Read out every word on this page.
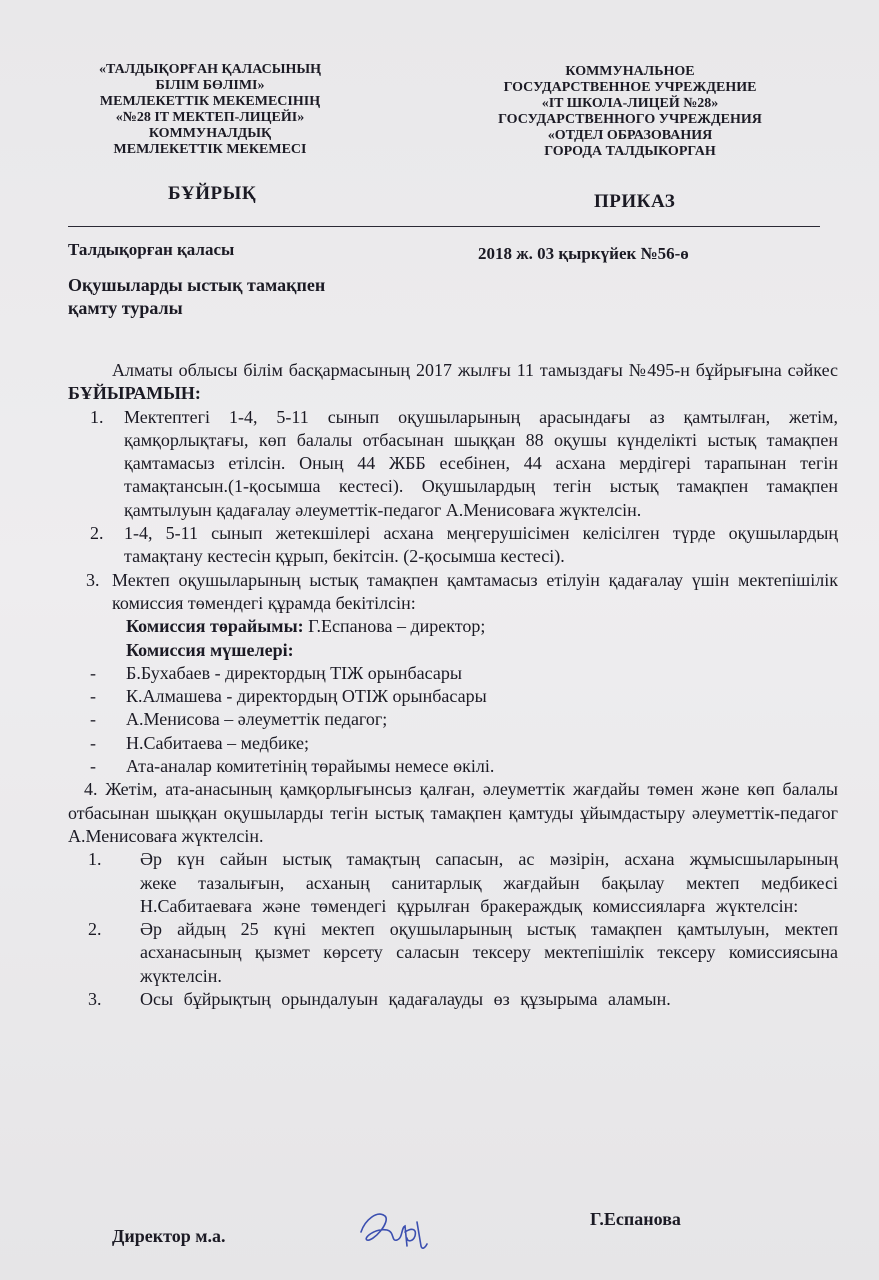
«ТАЛДЫҚОРҒАН ҚАЛАСЫНЫҢ
БІЛІМ БӨЛІМІ»
МЕМЛЕКЕТТІК МЕКЕМЕСІНІҢ
«№28 IT МЕКТЕП-ЛИЦЕЙІ»
КОММУНАЛДЫҚ
МЕМЛЕКЕТТІК МЕКЕМЕСІ
КОММУНАЛЬНОЕ
ГОСУДАРСТВЕННОЕ УЧРЕЖДЕНИЕ
«IT ШКОЛА-ЛИЦЕЙ №28»
ГОСУДАРСТВЕННОГО УЧРЕЖДЕНИЯ
«ОТДЕЛ ОБРАЗОВАНИЯ
ГОРОДА ТАЛДЫКОРГАН
БҰЙРЫҚ	ПРИКАЗ
Талдықорған қаласы	2018 ж. 03 қыркүйек №56-ө
Оқушыларды ыстық тамақпен
қамту туралы

Алматы облысы білім басқармасының 2017 жылғы 11 тамыздағы №495-н бұйрығына сәйкес БҰЙЫРАМЫН:

1.	Мектептегі 1-4, 5-11 сынып оқушыларының арасындағы аз қамтылған, жетім, қамқорлықтағы, көп балалы отбасынан шыққан 88 оқушы күнделікті ыстық тамақпен қамтамасыз етілсін. Оның 44 ЖББ есебінен, 44 асхана мердігері тарапынан тегін тамақтансын.(1-қосымша кестесі). Оқушылардың тегін ыстық тамақпен тамақпен қамтылуын қадағалау әлеуметтік-педагог А.Менисоваға жүктелсін.
2.	1-4, 5-11 сынып жетекшілері асхана меңгерушісімен келісілген түрде оқушылардың тамақтану кестесін құрып, бекітсін. (2-қосымша кестесі).
3. Мектеп оқушыларының ыстық тамақпен қамтамасыз етілуін қадағалау үшін мектепішілік комиссия төмендегі құрамда бекітілсін:
Комиссия төрайымы: Г.Еспанова – директор;
Комиссия мүшелері:
-	Б.Бухабаев - директордың ТІЖ орынбасары
-	К.Алмашева - директордың ОТІЖ орынбасары
-	А.Менисова – әлеуметтік педагог;
-	Н.Сабитаева – медбике;
-	Ата-аналар комитетінің төрайымы немесе өкілі.

4. Жетім, ата-анасының қамқорлығынсыз қалған, әлеуметтік жағдайы төмен және көп балалы отбасынан шыққан оқушыларды тегін ыстық тамақпен қамтуды ұйымдастыру әлеуметтік-педагог А.Менисоваға жүктелсін.

1.	Әр күн сайын ыстық тамақтың сапасын, ас мәзірін, асхана жұмысшыларының жеке тазалығын, асханың санитарлық жағдайын бақылау мектеп медбикесі Н.Сабитаеваға және төмендегі құрылған бракераждық комиссияларға жүктелсін:
2.	Әр айдың 25 күні мектеп оқушыларының ыстық тамақпен қамтылуын, мектеп асханасының қызмет көрсету саласын тексеру мектепішілік тексеру комиссиясына жүктелсін.
3.	Осы бұйрықтың орындалуын қадағалауды өз құзырыма аламын.
Директор м.а.
Г.Еспанова
